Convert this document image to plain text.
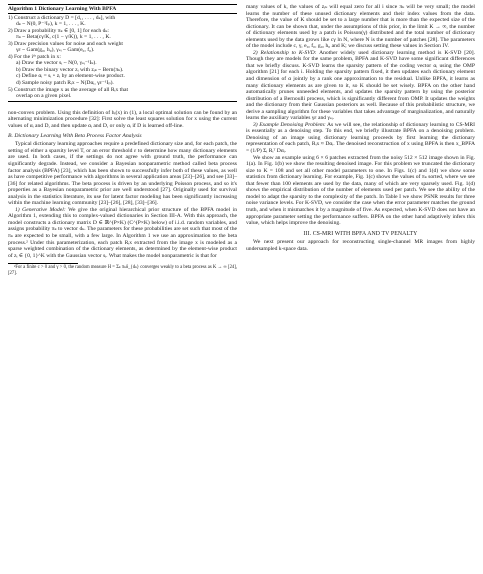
Algorithm 1 Dictionary Learning With BPFA
1) Construct a dictionary D = [d₁, . . . , dₖ], with
dₖ ~ N(0, P⁻¹Iₚ), k = 1, . . . , K.
2) Draw a probability πₖ ∈ [0, 1] for each dₖ:
πₖ ~ Beta(cγ/K, c(1 − γ/K)), k = 1, . . . , K.
3) Draw precision values for noise and each weight
γε ~ Gam(g₀, h₀), γₛᵢ ~ Gam(e₀, f₀).
4) For the iᵗʰ patch in x:
a) Draw the vector sᵢ ~ N(0, γₛᵢ⁻¹Iₖ).
b) Draw the binary vector zᵢ with zᵢₖ ~ Bern(πₖ).
c) Define αᵢ = sᵢ ∘ zᵢ by an element-wise product.
d) Sample noisy patch Rᵢx ~ N(Dαᵢ, γε⁻¹Iₚ).
5) Construct the image x as the average of all Rᵢx that
overlap on a given pixel.

non-convex problem. Using this definition of hᵢ(x) in (1), a local optimal solution can be found by an alternating minimization procedure [32]: First solve the least squares solution for x using the current values of αᵢ and D, and then update αᵢ and D, or only αᵢ if D is learned off-line.

B. Dictionary Learning With Beta Process Factor Analysis

Typical dictionary learning approaches require a predefined dictionary size and, for each patch, the setting of either a sparsity level T, or an error threshold ε to determine how many dictionary elements are used. In both cases, if the settings do not agree with ground truth, the performance can significantly degrade. Instead, we consider a Bayesian nonparametric method called beta process factor analysis (BPFA) [23], which has been shown to successfully infer both of these values, as well as have competitive performance with algorithms in several application areas [23]–[26], and see [33]–[36] for related algorithms. The beta process is driven by an underlying Poisson process, and so it's properties as a Bayesian nonparametric prior are well understood [27]. Originally used for survival analysis in the statistics literature, its use for latent factor modeling has been significantly increasing within the machine learning community [23]–[26], [28], [33]–[36].

1) Generative Model: We give the original hierarchical prior structure of the BPFA model in Algorithm 1, extending this to complex-valued dictionaries in Section III-A. With this approach, the model constructs a dictionary matrix D ∈ ℝ^(P×K) (C^(P×K) below) of i.i.d. random variables, and assigns probability πₖ to vector dₖ. The parameters for these probabilities are set such that most of the πₖ are expected to be small, with a few large. In Algorithm 1 we use an approximation to the beta process.² Under this parameterization, each patch Rᵢx extracted from the image x is modeled as a sparse weighted combination of the dictionary elements, as determined by the element-wise product of zᵢ ∈ {0, 1}^K with the Gaussian vector sᵢ. What makes the model nonparametric is that for

²For a finite c > 0 and γ > 0, the random measure H = Σₖ πₖδ_{dₖ} converges weakly to a beta process as K → ∞ [24], [27].

many values of k, the values of zᵢₖ will equal zero for all i since πₖ will be very small; the model learns the number of these unused dictionary elements and their index values from the data. Therefore, the value of K should be set to a large number that is more than the expected size of the dictionary. It can be shown that, under the assumptions of this prior, in the limit K → ∞, the number of dictionary elements used by a patch is Poisson(γ) distributed and the total number of dictionary elements used by the data grows like cγ ln N, where N is the number of patches [28]. The parameters of the model include c, γ, e₀, f₀, g₀, h₀ and K; we discuss setting these values in Section IV.

2) Relationship to K-SVD: Another widely used dictionary learning method is K-SVD [20]. Though they are models for the same problem, BPFA and K-SVD have some significant differences that we briefly discuss. K-SVD learns the sparsity pattern of the coding vector αᵢ using the OMP algorithm [21] for each i. Holding the sparsity pattern fixed, it then updates each dictionary element and dimension of α jointly by a rank one approximation to the residual. Unlike BPFA, it learns as many dictionary elements as are given to it, so K should be set wisely. BPFA on the other hand automatically prunes unneeded elements, and updates the sparsity pattern by using the posterior distribution of a Bernoulli process, which is significantly different from OMP. It updates the weights and the dictionary from their Gaussian posteriors as well. Because of this probabilistic structure, we derive a sampling algorithm for these variables that takes advantage of marginalization, and naturally learns the auxiliary variables γε and γₛᵢ.

3) Example Denoising Problem: As we will see, the relationship of dictionary learning to CS-MRI is essentially as a denoising step. To this end, we briefly illustrate BPFA on a denoising problem. Denoising of an image using dictionary learning proceeds by first learning the dictionary representation of each patch, Rᵢx ≈ Dαᵢ. The denoised reconstruction of x using BPFA is then x_BPFA = (1/P) Σᵢ Rᵢᵀ Dαᵢ.

We show an example using 6 × 6 patches extracted from the noisy 512 × 512 image shown in Fig. 1(a). In Fig. 1(b) we show the resulting denoised image. For this problem we truncated the dictionary size to K = 108 and set all other model parameters to one. In Figs. 1(c) and 1(d) we show some statistics from dictionary learning. For example, Fig. 1(c) shows the values of πₖ sorted, where we see that fewer than 100 elements are used by the data, many of which are very sparsely used. Fig. 1(d) shows the empirical distribution of the number of elements used per patch. We see the ability of the model to adapt the sparsity to the complexity of the patch. In Table I we show PSNR results for three noise variance levels. For K-SVD, we consider the case when the error parameter matches the ground truth, and when it mismatches it by a magnitude of five. As expected, when K-SVD does not have an appropriate parameter setting the performance suffers. BPFA on the other hand adaptively infers this value, which helps improve the denoising.

III. CS-MRI WITH BPFA AND TV PENALTY

We next present our approach for reconstructing single-channel MR images from highly undersampled k-space data.
